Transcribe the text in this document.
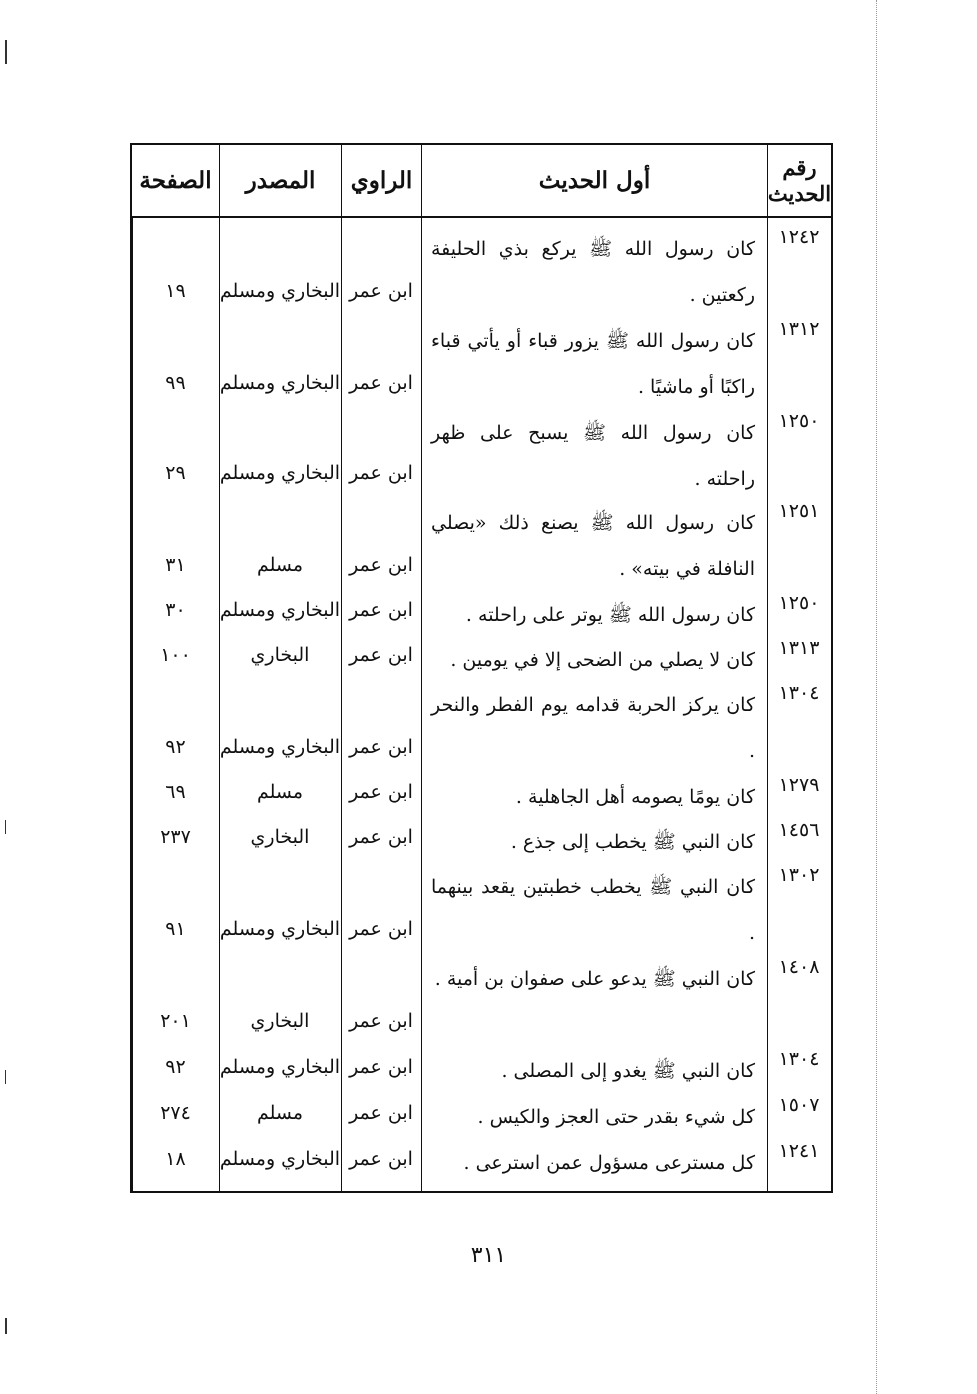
رقم
الحديث
أول الحديث
الراوي
المصدر
الصفحة
١٢٤٢
كان رسول الله ﷺ يركع بذي الحليفة ركعتين .
ابن عمر
البخاري ومسلم
١٩
١٣١٢
كان رسول الله ﷺ يزور قباء أو يأتي قباء راكبًا أو ماشيًا .
ابن عمر
البخاري ومسلم
٩٩
١٢٥٠
كان رسول الله ﷺ يسبح على ظهر راحلته .
ابن عمر
البخاري ومسلم
٢٩
١٢٥١
كان رسول الله ﷺ يصنع ذلك «يصلي النافلة في بيته» .
ابن عمر
مسلم
٣١
١٢٥٠
كان رسول الله ﷺ يوتر على راحلته .
ابن عمر
البخاري ومسلم
٣٠
١٣١٣
كان لا يصلي من الضحى إلا في يومين .
ابن عمر
البخاري
١٠٠
١٣٠٤
كان يركز الحربة قدامه يوم الفطر والنحر .
ابن عمر
البخاري ومسلم
٩٢
١٢٧٩
كان يومًا يصومه أهل الجاهلية .
ابن عمر
مسلم
٦٩
١٤٥٦
كان النبي ﷺ يخطب إلى جذع .
ابن عمر
البخاري
٢٣٧
١٣٠٢
كان النبي ﷺ يخطب خطبتين يقعد بينهما .
ابن عمر
البخاري ومسلم
٩١
١٤٠٨
كان النبي ﷺ يدعو على صفوان بن أمية .
ابن عمر
البخاري
٢٠١
١٣٠٤
كان النبي ﷺ يغدو إلى المصلى .
ابن عمر
البخاري ومسلم
٩٢
١٥٠٧
كل شيء بقدر حتى العجز والكيس .
ابن عمر
مسلم
٢٧٤
١٢٤١
كل مسترعى مسؤول عمن استرعى .
ابن عمر
البخاري ومسلم
١٨
٣١١
